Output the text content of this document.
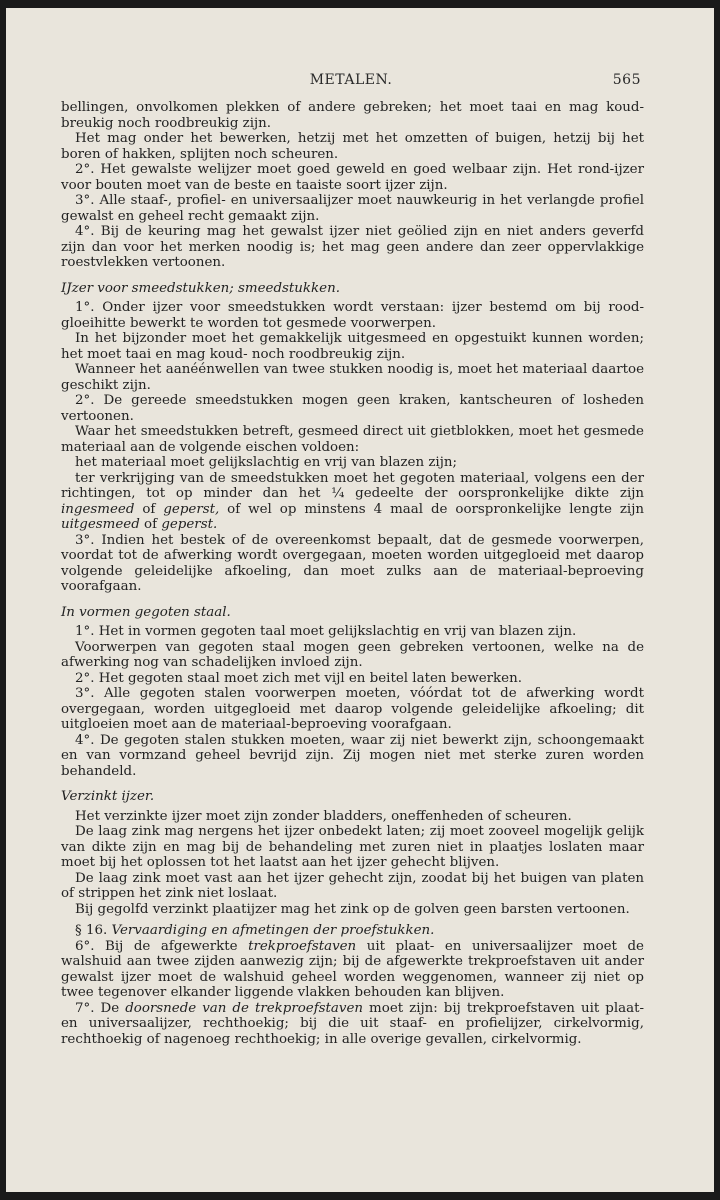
METALEN.	565

bellingen, onvolkomen plekken of andere gebreken; het moet taai en mag koud-breukig noch roodbreukig zijn.

Het mag onder het bewerken, hetzij met het omzetten of buigen, hetzij bij het boren of hakken, splijten noch scheuren.

2°. Het gewalste welijzer moet goed geweld en goed welbaar zijn. Het rond-ijzer voor bouten moet van de beste en taaiste soort ijzer zijn.

3°. Alle staaf-, profiel- en universaalijzer moet nauwkeurig in het verlangde profiel gewalst en geheel recht gemaakt zijn.

4°. Bij de keuring mag het gewalst ijzer niet geölied zijn en niet anders geverfd zijn dan voor het merken noodig is; het mag geen andere dan zeer oppervlakkige roestvlekken vertoonen.

IJzer voor smeedstukken; smeedstukken.

1°. Onder ijzer voor smeedstukken wordt verstaan: ijzer bestemd om bij rood-gloeihitte bewerkt te worden tot gesmede voorwerpen.

In het bijzonder moet het gemakkelijk uitgesmeed en opgestuikt kunnen worden; het moet taai en mag koud- noch roodbreukig zijn.

Wanneer het aanéénwellen van twee stukken noodig is, moet het materiaal daartoe geschikt zijn.

2°. De gereede smeedstukken mogen geen kraken, kantscheuren of losheden vertoonen.

Waar het smeedstukken betreft, gesmeed direct uit gietblokken, moet het gesmede materiaal aan de volgende eischen voldoen:

het materiaal moet gelijkslachtig en vrij van blazen zijn;

ter verkrijging van de smeedstukken moet het gegoten materiaal, volgens een der richtingen, tot op minder dan het ¼ gedeelte der oorspronkelijke dikte zijn ingesmeed of geperst, of wel op minstens 4 maal de oorspronkelijke lengte zijn uitgesmeed of geperst.

3°. Indien het bestek of de overeenkomst bepaalt, dat de gesmede voorwerpen, voordat tot de afwerking wordt overgegaan, moeten worden uitgegloeid met daarop volgende geleidelijke afkoeling, dan moet zulks aan de materiaal-beproeving voorafgaan.

In vormen gegoten staal.

1°. Het in vormen gegoten taal moet gelijkslachtig en vrij van blazen zijn.

Voorwerpen van gegoten staal mogen geen gebreken vertoonen, welke na de afwerking nog van schadelijken invloed zijn.

2°. Het gegoten staal moet zich met vijl en beitel laten bewerken.

3°. Alle gegoten stalen voorwerpen moeten, vóórdat tot de afwerking wordt overgegaan, worden uitgegloeid met daarop volgende geleidelijke afkoeling; dit uitgloeien moet aan de materiaal-beproeving voorafgaan.

4°. De gegoten stalen stukken moeten, waar zij niet bewerkt zijn, schoongemaakt en van vormzand geheel bevrijd zijn. Zij mogen niet met sterke zuren worden behandeld.

Verzinkt ijzer.

Het verzinkte ijzer moet zijn zonder bladders, oneffenheden of scheuren.

De laag zink mag nergens het ijzer onbedekt laten; zij moet zooveel mogelijk gelijk van dikte zijn en mag bij de behandeling met zuren niet in plaatjes loslaten maar moet bij het oplossen tot het laatst aan het ijzer gehecht blijven.

De laag zink moet vast aan het ijzer gehecht zijn, zoodat bij het buigen van platen of strippen het zink niet loslaat.

Bij gegolfd verzinkt plaatijzer mag het zink op de golven geen barsten vertoonen.

§ 16. Vervaardiging en afmetingen der proefstukken.

6°. Bij de afgewerkte trekproefstaven uit plaat- en universaalijzer moet de walshuid aan twee zijden aanwezig zijn; bij de afgewerkte trekproefstaven uit ander gewalst ijzer moet de walshuid geheel worden weggenomen, wanneer zij niet op twee tegenover elkander liggende vlakken behouden kan blijven.

7°. De doorsnede van de trekproefstaven moet zijn: bij trekproefstaven uit plaat- en universaalijzer, rechthoekig; bij die uit staaf- en profielijzer, cirkelvormig, rechthoekig of nagenoeg rechthoekig; in alle overige gevallen, cirkelvormig.
